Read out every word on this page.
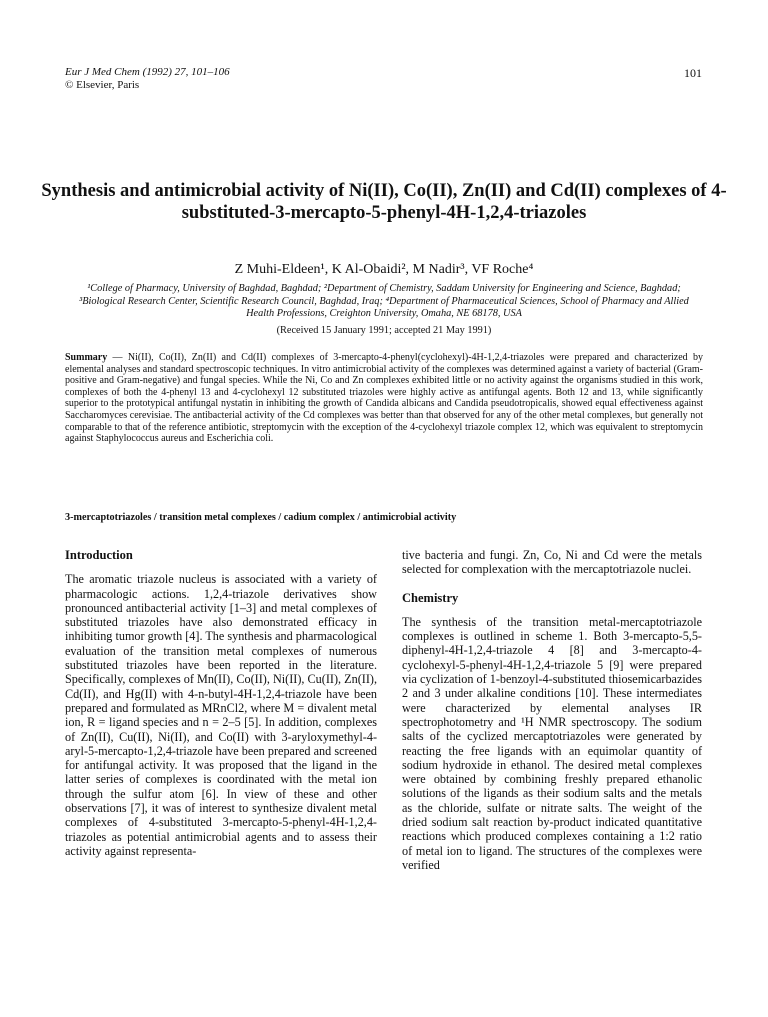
Eur J Med Chem (1992) 27, 101–106
© Elsevier, Paris
101
Synthesis and antimicrobial activity of Ni(II), Co(II), Zn(II) and Cd(II) complexes of 4-substituted-3-mercapto-5-phenyl-4H-1,2,4-triazoles
Z Muhi-Eldeen¹, K Al-Obaidi², M Nadir³, VF Roche⁴
¹College of Pharmacy, University of Baghdad, Baghdad; ²Department of Chemistry, Saddam University for Engineering and Science, Baghdad; ³Biological Research Center, Scientific Research Council, Baghdad, Iraq; ⁴Department of Pharmaceutical Sciences, School of Pharmacy and Allied Health Professions, Creighton University, Omaha, NE 68178, USA
(Received 15 January 1991; accepted 21 May 1991)
Summary — Ni(II), Co(II), Zn(II) and Cd(II) complexes of 3-mercapto-4-phenyl(cyclohexyl)-4H-1,2,4-triazoles were prepared and characterized by elemental analyses and standard spectroscopic techniques. In vitro antimicrobial activity of the complexes was determined against a variety of bacterial (Gram-positive and Gram-negative) and fungal species. While the Ni, Co and Zn complexes exhibited little or no activity against the organisms studied in this work, complexes of both the 4-phenyl 13 and 4-cyclohexyl 12 substituted triazoles were highly active as antifungal agents. Both 12 and 13, while significantly superior to the prototypical antifungal nystatin in inhibiting the growth of Candida albicans and Candida pseudotropicalis, showed equal effectiveness against Saccharomyces cerevisiae. The antibacterial activity of the Cd complexes was better than that observed for any of the other metal complexes, but generally not comparable to that of the reference antibiotic, streptomycin with the exception of the 4-cyclohexyl triazole complex 12, which was equivalent to streptomycin against Staphylococcus aureus and Escherichia coli.
3-mercaptotriazoles / transition metal complexes / cadium complex / antimicrobial activity
Introduction

The aromatic triazole nucleus is associated with a variety of pharmacologic actions. 1,2,4-triazole derivatives show pronounced antibacterial activity [1–3] and metal complexes of substituted triazoles have also demonstrated efficacy in inhibiting tumor growth [4]. The synthesis and pharmacological evaluation of the transition metal complexes of numerous substituted triazoles have been reported in the literature. Specifically, complexes of Mn(II), Co(II), Ni(II), Cu(II), Zn(II), Cd(II), and Hg(II) with 4-n-butyl-4H-1,2,4-triazole have been prepared and formulated as MRnCl2, where M = divalent metal ion, R = ligand species and n = 2–5 [5]. In addition, complexes of Zn(II), Cu(II), Ni(II), and Co(II) with 3-aryloxymethyl-4-aryl-5-mercapto-1,2,4-triazole have been prepared and screened for antifungal activity. It was proposed that the ligand in the latter series of complexes is coordinated with the metal ion through the sulfur atom [6]. In view of these and other observations [7], it was of interest to synthesize divalent metal complexes of 4-substituted 3-mercapto-5-phenyl-4H-1,2,4-triazoles as potential antimicrobial agents and to assess their activity against representa-

tive bacteria and fungi. Zn, Co, Ni and Cd were the metals selected for complexation with the mercaptotriazole nuclei.

Chemistry

The synthesis of the transition metal-mercaptotriazole complexes is outlined in scheme 1. Both 3-mercapto-5,5-diphenyl-4H-1,2,4-triazole 4 [8] and 3-mercapto-4-cyclohexyl-5-phenyl-4H-1,2,4-triazole 5 [9] were prepared via cyclization of 1-benzoyl-4-substituted thiosemicarbazides 2 and 3 under alkaline conditions [10]. These intermediates were characterized by elemental analyses IR spectrophotometry and ¹H NMR spectroscopy. The sodium salts of the cyclized mercaptotriazoles were generated by reacting the free ligands with an equimolar quantity of sodium hydroxide in ethanol. The desired metal complexes were obtained by combining freshly prepared ethanolic solutions of the ligands as their sodium salts and the metals as the chloride, sulfate or nitrate salts. The weight of the dried sodium salt reaction by-product indicated quantitative reactions which produced complexes containing a 1:2 ratio of metal ion to ligand. The structures of the complexes were verified
